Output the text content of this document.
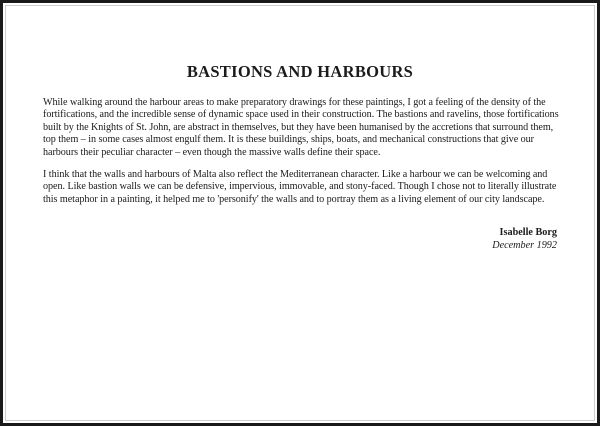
BASTIONS AND HARBOURS

While walking around the harbour areas to make preparatory drawings for these paintings, I got a feeling of the density of the fortifications, and the incredible sense of dynamic space used in their construction. The bastions and ravelins, those fortifications built by the Knights of St. John, are abstract in themselves, but they have been humanised by the accretions that surround them, top them – in some cases almost engulf them. It is these buildings, ships, boats, and mechanical constructions that give our harbours their peculiar character – even though the massive walls define their space.

I think that the walls and harbours of Malta also reflect the Mediterranean character. Like a harbour we can be welcoming and open. Like bastion walls we can be defensive, impervious, immovable, and stony-faced. Though I chose not to literally illustrate this metaphor in a painting, it helped me to 'personify' the walls and to portray them as a living element of our city landscape.

Isabelle Borg
December 1992
